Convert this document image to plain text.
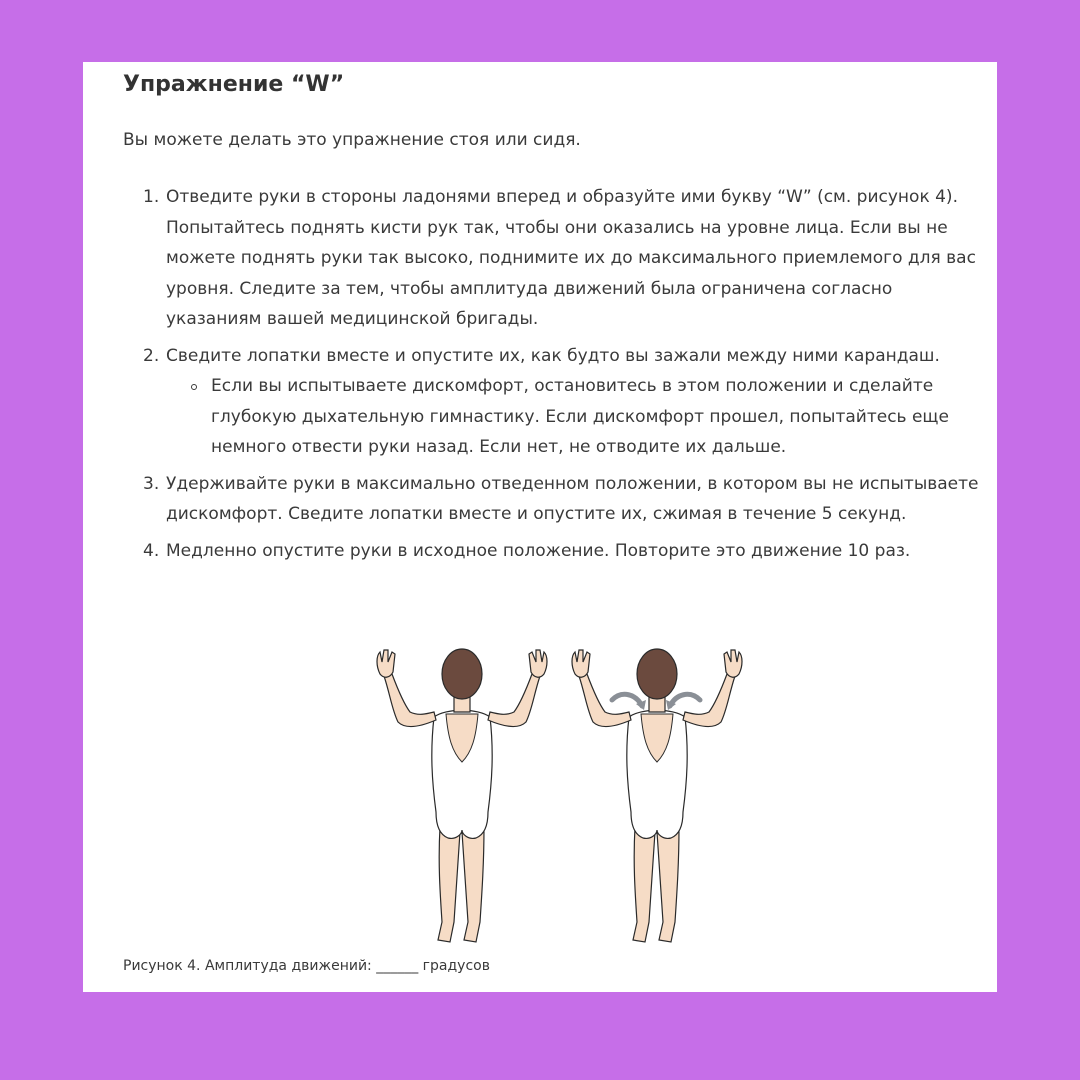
Упражнение “W”

Вы можете делать это упражнение стоя или сидя.

1. Отведите руки в стороны ладонями вперед и образуйте ими букву “W” (см. рисунок 4). Попытайтесь поднять кисти рук так, чтобы они оказались на уровне лица. Если вы не можете поднять руки так высоко, поднимите их до максимального приемлемого для вас уровня. Следите за тем, чтобы амплитуда движений была ограничена согласно указаниям вашей медицинской бригады.
2. Сведите лопатки вместе и опустите их, как будто вы зажали между ними карандаш.
Если вы испытываете дискомфорт, остановитесь в этом положении и сделайте глубокую дыхательную гимнастику. Если дискомфорт прошел, попытайтесь еще немного отвести руки назад. Если нет, не отводите их дальше.
3. Удерживайте руки в максимально отведенном положении, в котором вы не испытываете дискомфорт. Сведите лопатки вместе и опустите их, сжимая в течение 5 секунд.
4. Медленно опустите руки в исходное положение. Повторите это движение 10 раз.
Рисунок 4. Амплитуда движений: ______ градусов
